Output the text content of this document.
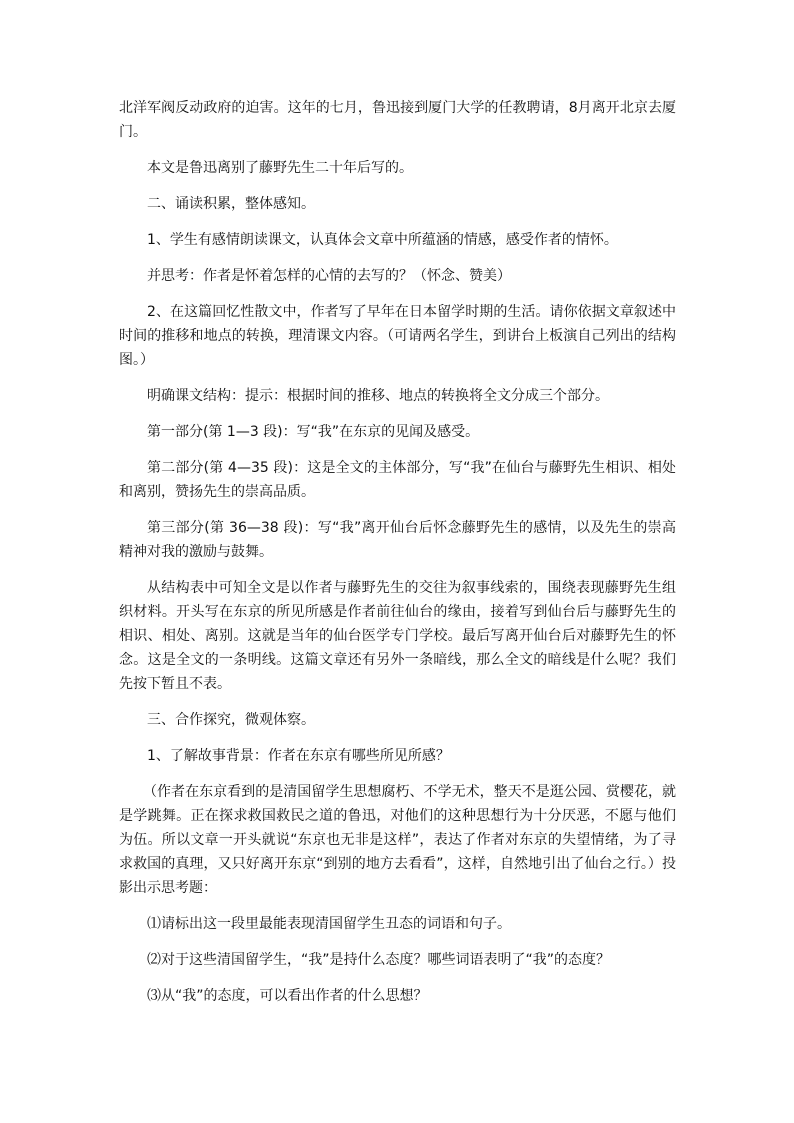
北洋军阀反动政府的迫害。这年的七月，鲁迅接到厦门大学的任教聘请，8月离开北京去厦门。

本文是鲁迅离别了藤野先生二十年后写的。

二、诵读积累，整体感知。

1、学生有感情朗读课文，认真体会文章中所蕴涵的情感，感受作者的情怀。

并思考：作者是怀着怎样的心情的去写的？（怀念、赞美）

2、在这篇回忆性散文中，作者写了早年在日本留学时期的生活。请你依据文章叙述中时间的推移和地点的转换，理清课文内容。（可请两名学生，到讲台上板演自己列出的结构图。）

明确课文结构：提示：根据时间的推移、地点的转换将全文分成三个部分。

第一部分(第 1—3 段)：写“我”在东京的见闻及感受。

第二部分(第 4—35 段)：这是全文的主体部分，写“我”在仙台与藤野先生相识、相处和离别，赞扬先生的崇高品质。

第三部分(第 36—38 段)：写“我”离开仙台后怀念藤野先生的感情，以及先生的崇高精神对我的激励与鼓舞。

从结构表中可知全文是以作者与藤野先生的交往为叙事线索的，围绕表现藤野先生组织材料。开头写在东京的所见所感是作者前往仙台的缘由，接着写到仙台后与藤野先生的相识、相处、离别。这就是当年的仙台医学专门学校。最后写离开仙台后对藤野先生的怀念。这是全文的一条明线。这篇文章还有另外一条暗线，那么全文的暗线是什么呢？我们先按下暂且不表。

三、合作探究，微观体察。

1、了解故事背景：作者在东京有哪些所见所感？

（作者在东京看到的是清国留学生思想腐朽、不学无术，整天不是逛公园、赏樱花，就是学跳舞。正在探求救国救民之道的鲁迅，对他们的这种思想行为十分厌恶，不愿与他们为伍。所以文章一开头就说“东京也无非是这样”，表达了作者对东京的失望情绪，为了寻求救国的真理，又只好离开东京“到别的地方去看看”，这样，自然地引出了仙台之行。）投影出示思考题：

⑴请标出这一段里最能表现清国留学生丑态的词语和句子。

⑵对于这些清国留学生，“我”是持什么态度？哪些词语表明了“我”的态度？

⑶从“我”的态度，可以看出作者的什么思想？
